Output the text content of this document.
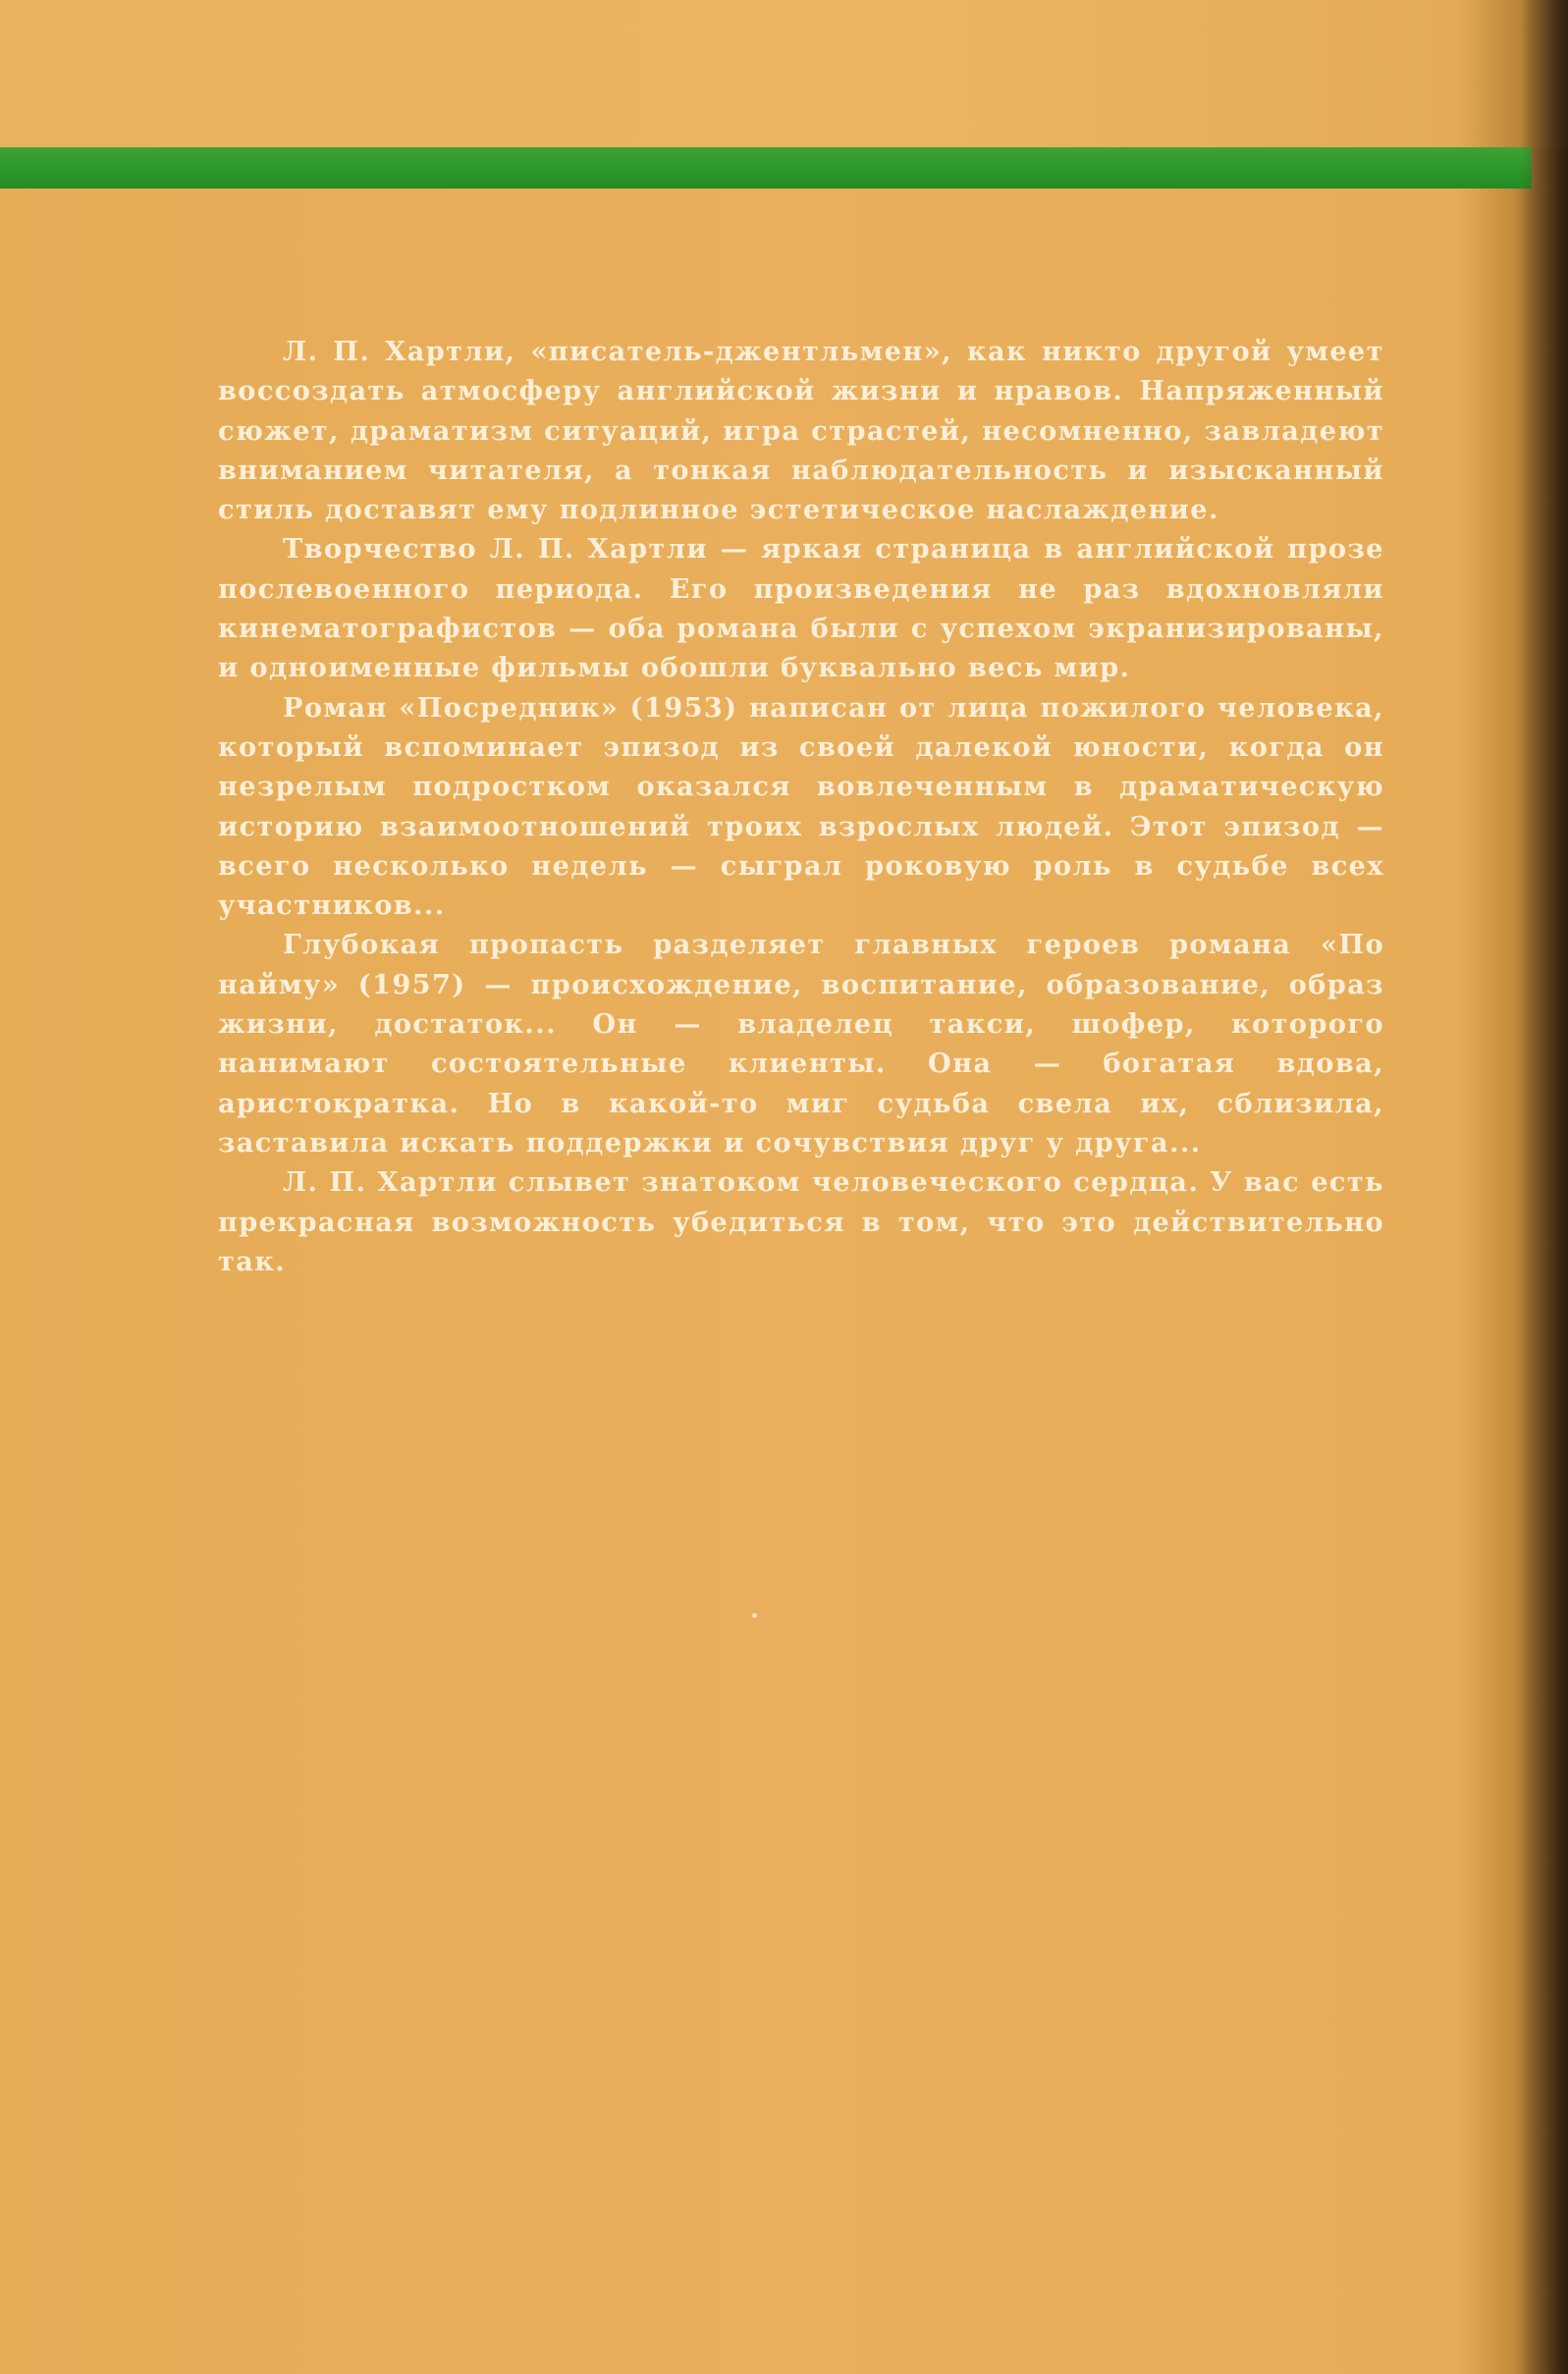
Л. П. Хартли, «писатель-джентльмен», как никто другой умеет воссоздать атмосферу английской жизни и нравов. Напряженный сюжет, драматизм ситуаций, игра страстей, несомненно, завладеют вниманием читателя, а тонкая наблюдательность и изысканный стиль доставят ему подлинное эстетическое наслаждение.

Творчество Л. П. Хартли — яркая страница в английской прозе послевоенного периода. Его произведения не раз вдохновляли кинематографистов — оба романа были с успехом экранизированы, и одноименные фильмы обошли буквально весь мир.

Роман «Посредник» (1953) написан от лица пожилого человека, который вспоминает эпизод из своей далекой юности, когда он незрелым подростком оказался вовлеченным в драматическую историю взаимоотношений троих взрослых людей. Этот эпизод — всего несколько недель — сыграл роковую роль в судьбе всех участников...

Глубокая пропасть разделяет главных героев романа «По найму» (1957) — происхождение, воспитание, образование, образ жизни, достаток... Он — владелец такси, шофер, которого нанимают состоятельные клиенты. Она — богатая вдова, аристократка. Но в какой-то миг судьба свела их, сблизила, заставила искать поддержки и сочувствия друг у друга...

Л. П. Хартли слывет знатоком человеческого сердца. У вас есть прекрасная возможность убедиться в том, что это действительно так.
